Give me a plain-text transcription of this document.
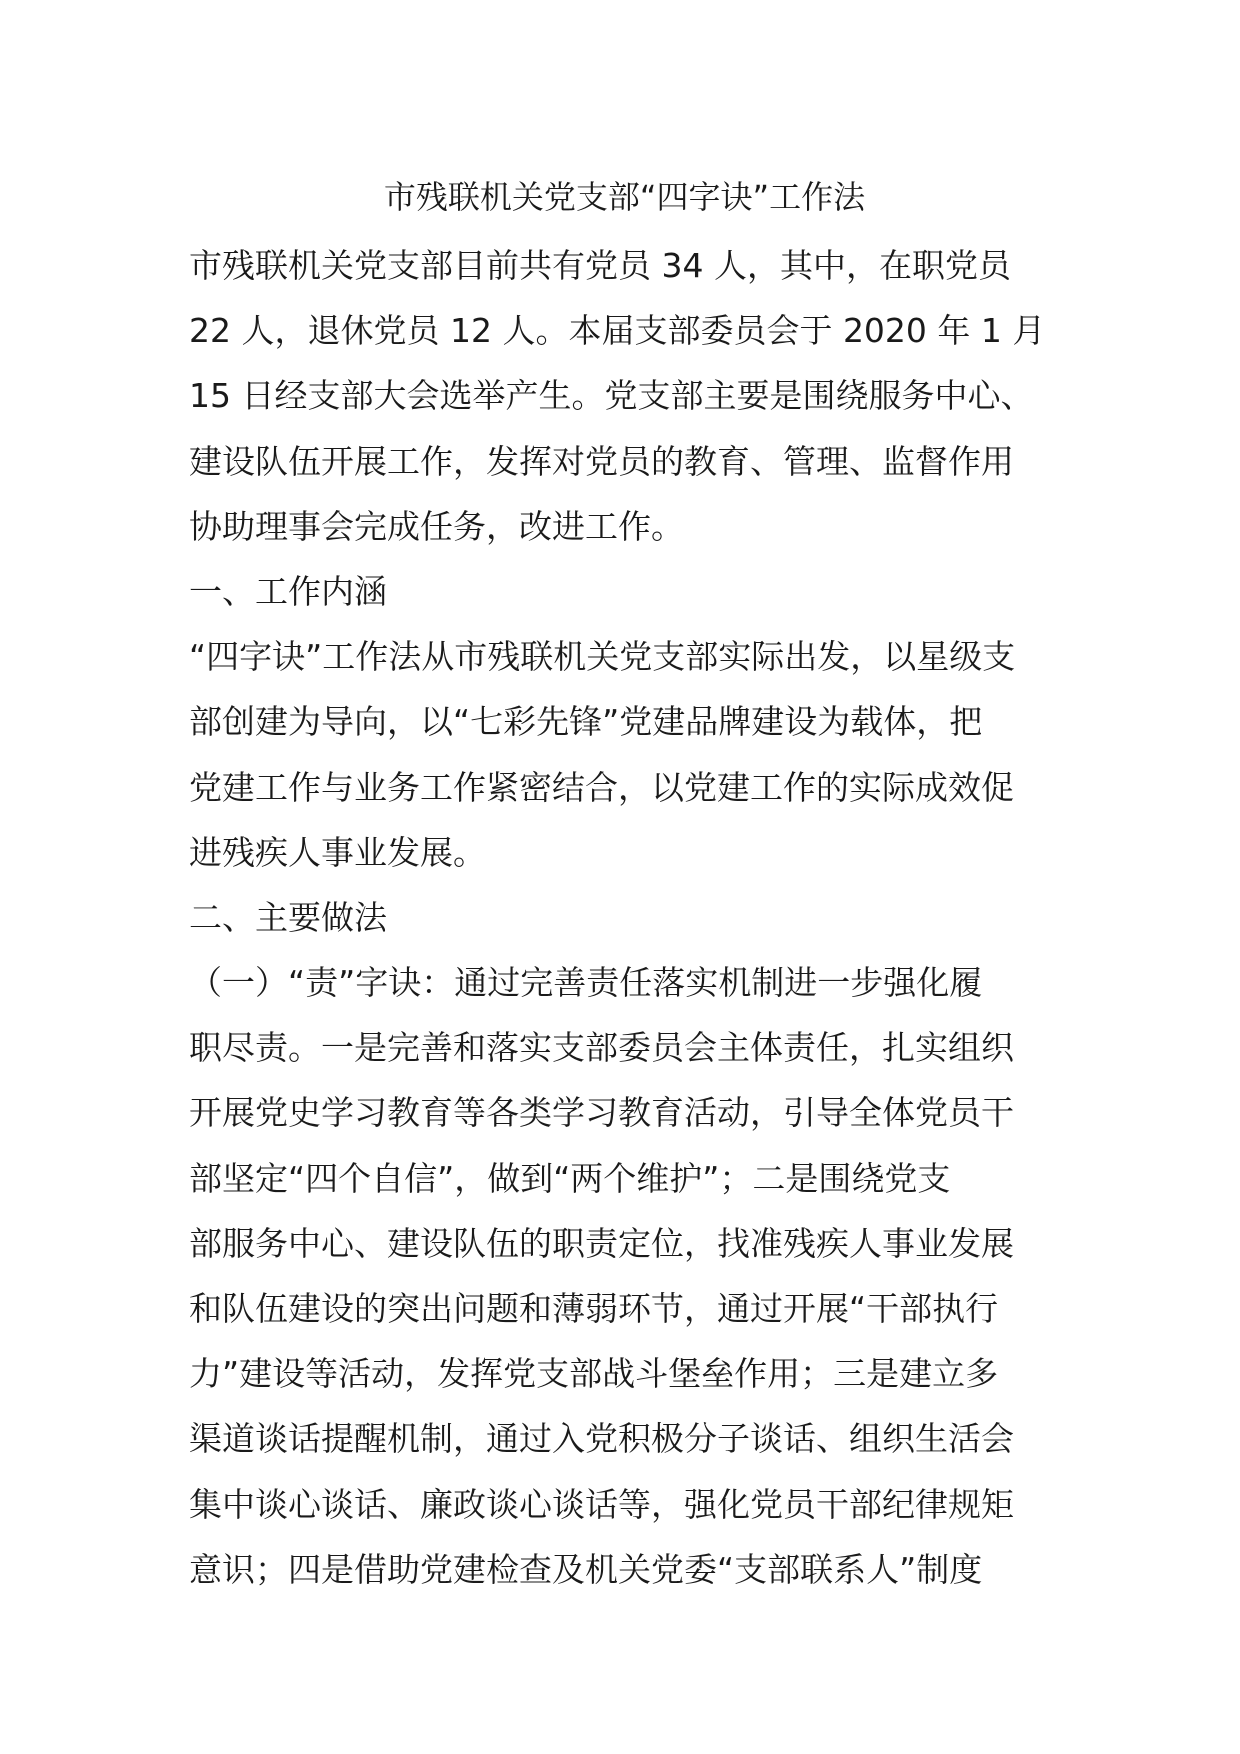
市残联机关党支部“四字诀”工作法
市残联机关党支部目前共有党员 34 人，其中，在职党员
22 人，退休党员 12 人。本届支部委员会于 2020 年 1 月
15 日经支部大会选举产生。党支部主要是围绕服务中心、
建设队伍开展工作，发挥对党员的教育、管理、监督作用
协助理事会完成任务，改进工作。
一、工作内涵
“四字诀”工作法从市残联机关党支部实际出发，以星级支
部创建为导向，以“七彩先锋”党建品牌建设为载体，把
党建工作与业务工作紧密结合，以党建工作的实际成效促
进残疾人事业发展。
二、主要做法
（一）“责”字诀：通过完善责任落实机制进一步强化履
职尽责。一是完善和落实支部委员会主体责任，扎实组织
开展党史学习教育等各类学习教育活动，引导全体党员干
部坚定“四个自信”，做到“两个维护”；二是围绕党支
部服务中心、建设队伍的职责定位，找准残疾人事业发展
和队伍建设的突出问题和薄弱环节，通过开展“干部执行
力”建设等活动，发挥党支部战斗堡垒作用；三是建立多
渠道谈话提醒机制，通过入党积极分子谈话、组织生活会
集中谈心谈话、廉政谈心谈话等，强化党员干部纪律规矩
意识；四是借助党建检查及机关党委“支部联系人”制度
